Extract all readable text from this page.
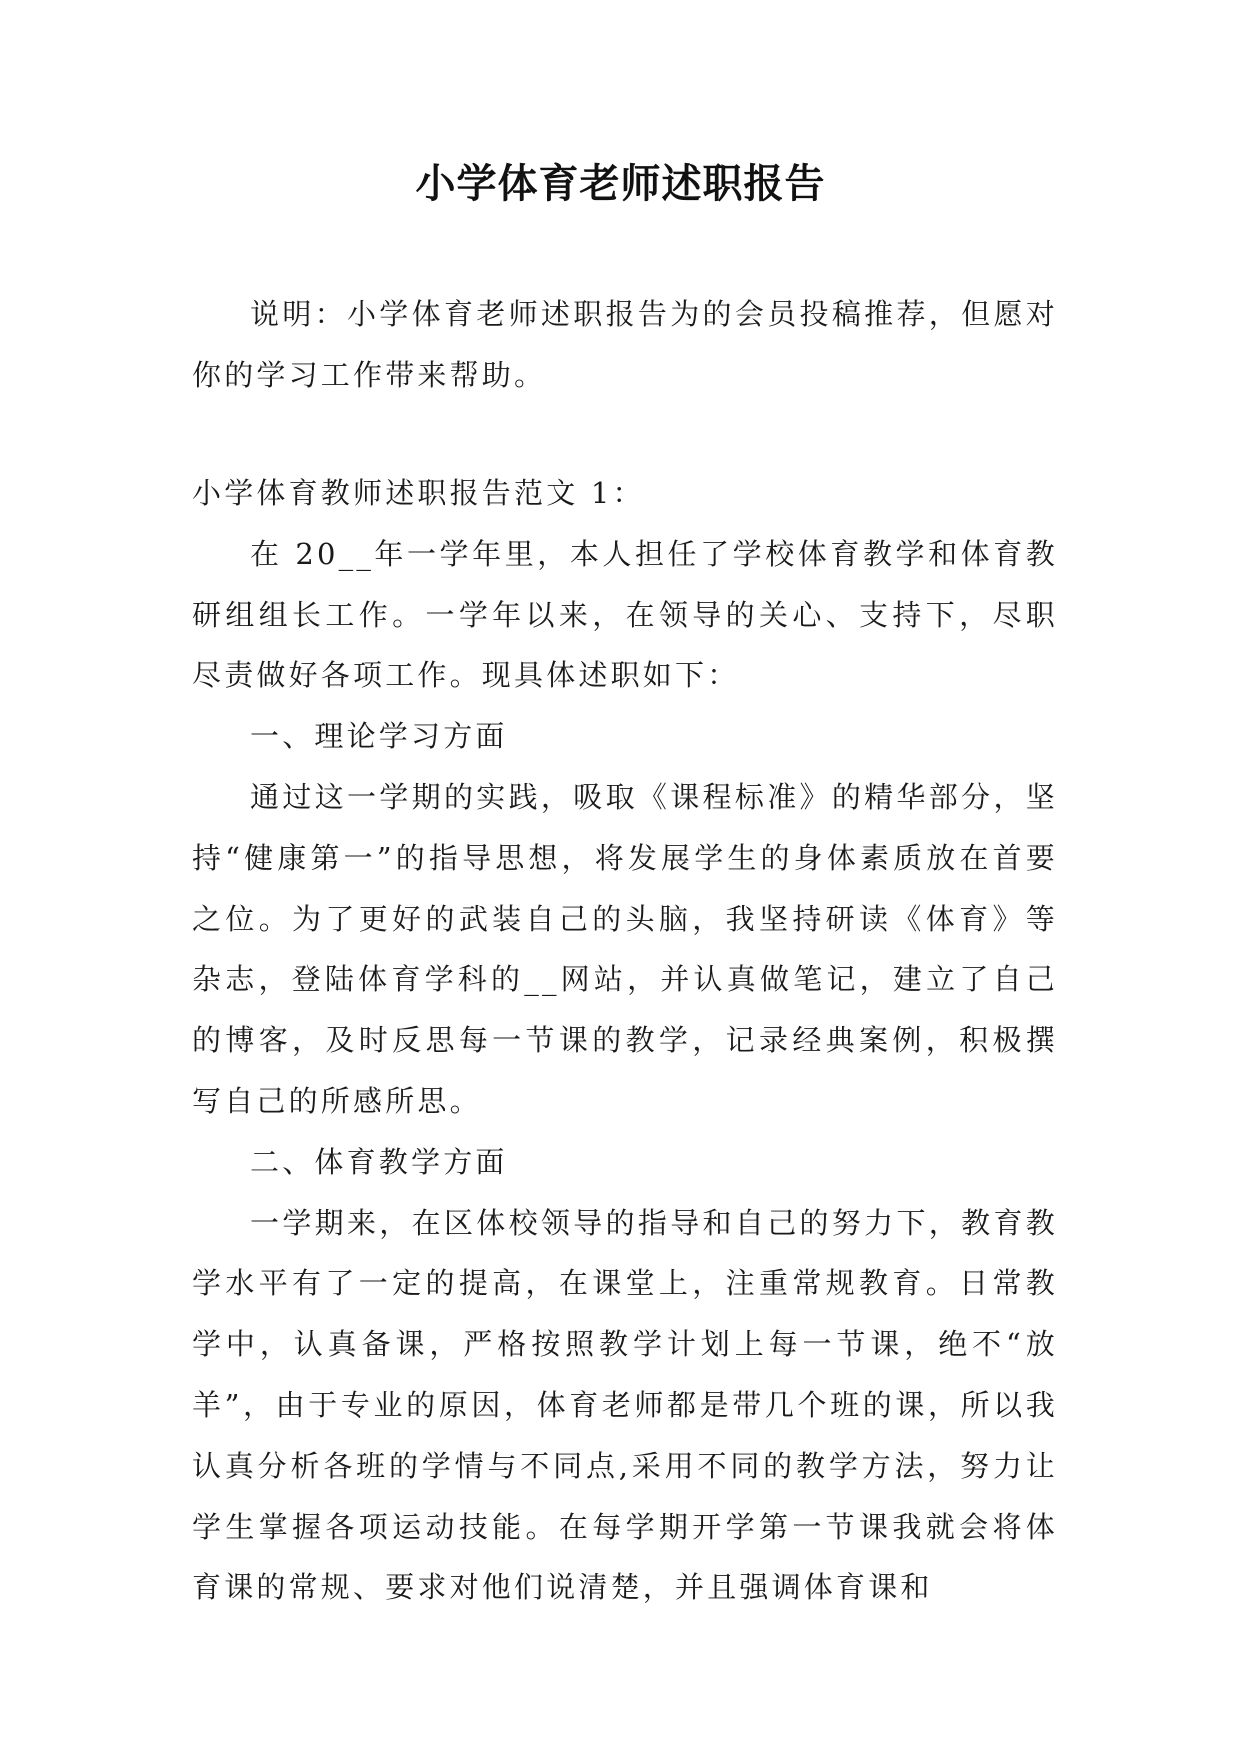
小学体育老师述职报告

说明：小学体育老师述职报告为的会员投稿推荐，但愿对你的学习工作带来帮助。

小学体育教师述职报告范文 1：

在 20__年一学年里，本人担任了学校体育教学和体育教研组组长工作。一学年以来，在领导的关心、支持下，尽职尽责做好各项工作。现具体述职如下：

一、理论学习方面

通过这一学期的实践，吸取《课程标准》的精华部分，坚持“健康第一”的指导思想，将发展学生的身体素质放在首要之位。为了更好的武装自己的头脑，我坚持研读《体育》等杂志，登陆体育学科的__网站，并认真做笔记，建立了自己的博客，及时反思每一节课的教学，记录经典案例，积极撰写自己的所感所思。

二、体育教学方面

一学期来，在区体校领导的指导和自己的努力下，教育教学水平有了一定的提高，在课堂上，注重常规教育。日常教学中，认真备课，严格按照教学计划上每一节课，绝不“放羊”，由于专业的原因，体育老师都是带几个班的课，所以我认真分析各班的学情与不同点,采用不同的教学方法，努力让学生掌握各项运动技能。在每学期开学第一节课我就会将体育课的常规、要求对他们说清楚，并且强调体育课和
